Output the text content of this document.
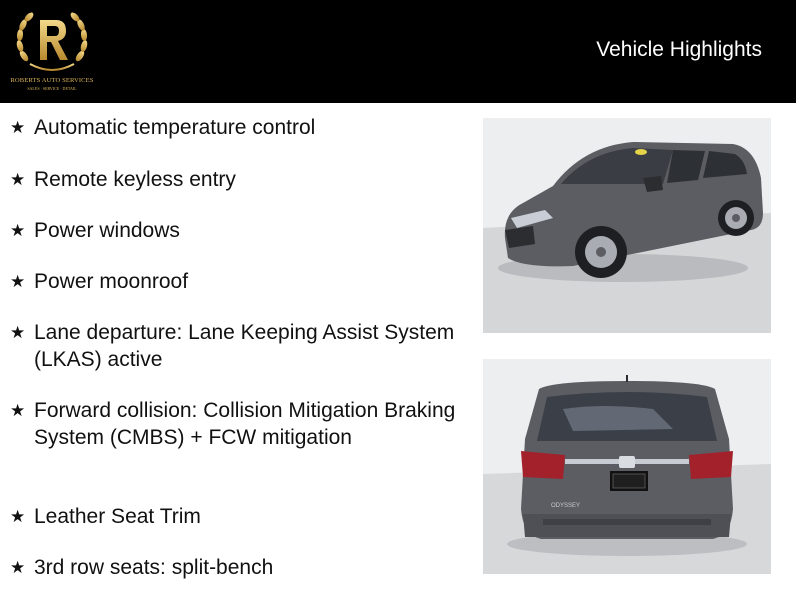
ROBERTS AUTO SERVICES
SALES · SERVICE · DETAIL
Vehicle Highlights
★ Automatic temperature control
★ Remote keyless entry
★ Power windows
★ Power moonroof
★ Lane departure: Lane Keeping Assist System (LKAS) active
★ Forward collision: Collision Mitigation Braking System (CMBS) + FCW mitigation
★ Leather Seat Trim
★ 3rd row seats: split-bench
ODYSSEY
